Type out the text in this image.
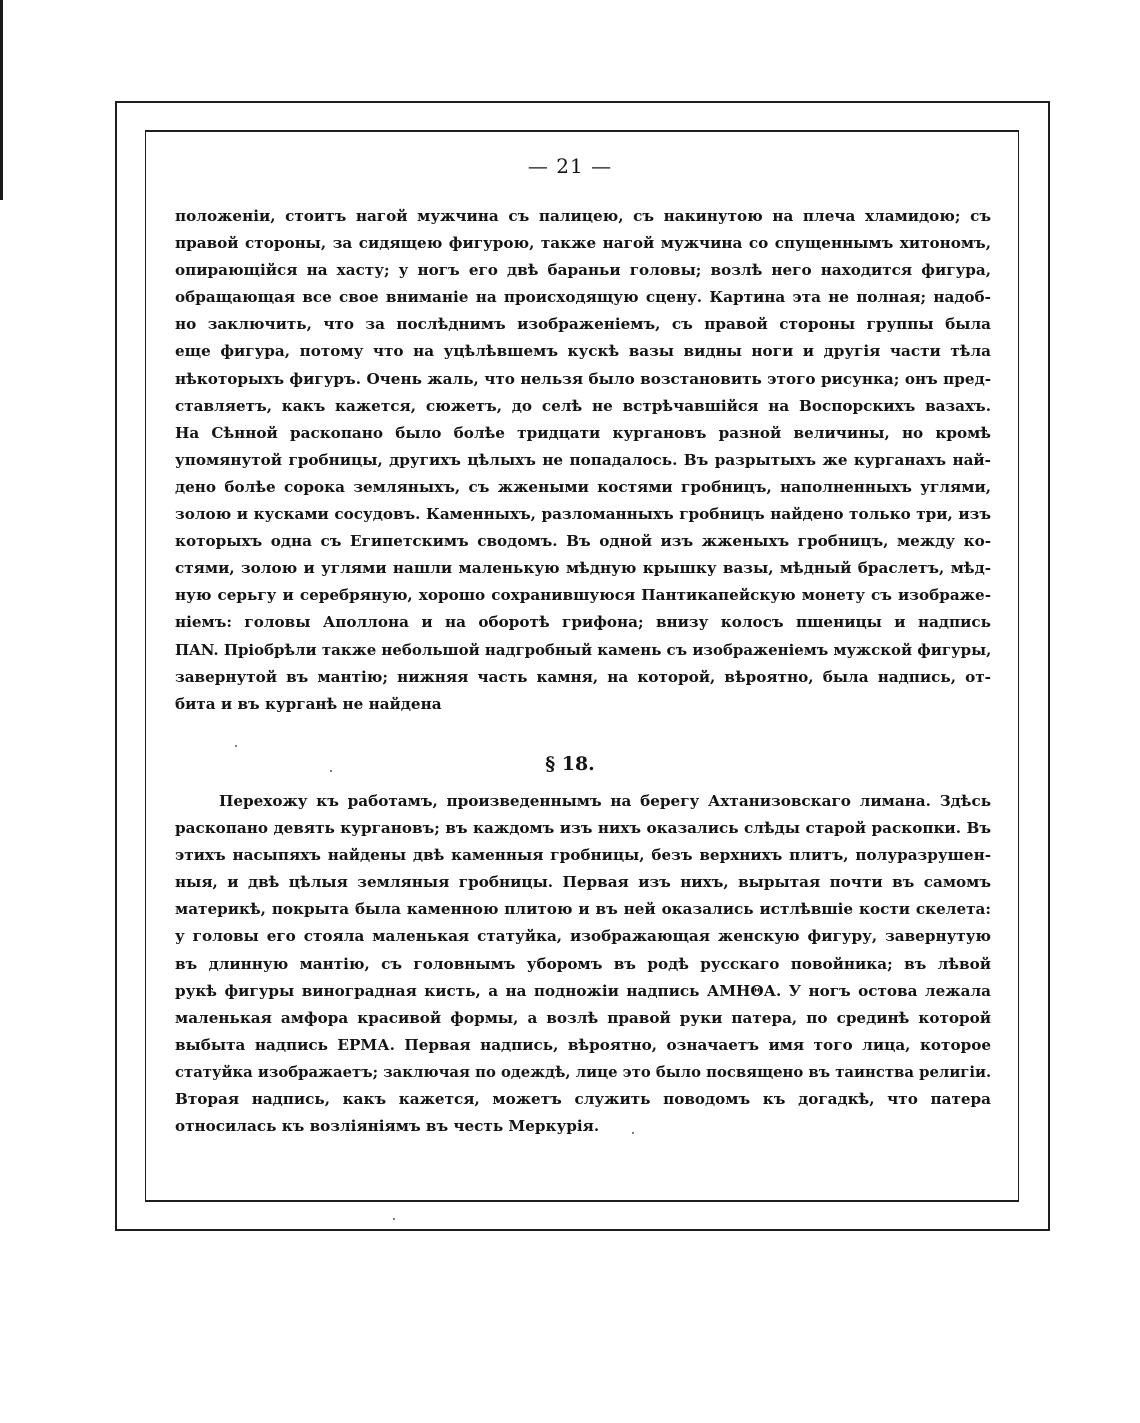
— 21 —
положеніи, стоитъ нагой мужчина съ палицею, съ накинутою на плеча хламидою; съ
правой стороны, за сидящею фигурою, также нагой мужчина со спущеннымъ хитономъ,
опирающійся на хасту; у ногъ его двѣ бараньи головы; возлѣ него находится фигура,
обращающая все свое вниманіе на происходящую сцену. Картина эта не полная; надоб-
но заключить, что за послѣднимъ изображеніемъ, съ правой стороны группы была
еще фигура, потому что на уцѣлѣвшемъ кускѣ вазы видны ноги и другія части тѣла
нѣкоторыхъ фигуръ. Очень жаль, что нельзя было возстановить этого рисунка; онъ пред-
ставляетъ, какъ кажется, сюжетъ, до селѣ не встрѣчавшійся на Воспорскихъ вазахъ.
На Сѣнной раскопано было болѣе тридцати кургановъ разной величины, но кромѣ
упомянутой гробницы, другихъ цѣлыхъ не попадалось. Въ разрытыхъ же курганахъ най-
дено болѣе сорока земляныхъ, съ жжеными костями гробницъ, наполненныхъ углями,
золою и кусками сосудовъ. Каменныхъ, разломанныхъ гробницъ найдено только три, изъ
которыхъ одна съ Египетскимъ сводомъ. Въ одной изъ жженыхъ гробницъ, между ко-
стями, золою и углями нашли маленькую мѣдную крышку вазы, мѣдный браслетъ, мѣд-
ную серьгу и серебряную, хорошо сохранившуюся Пантикапейскую монету съ изображе-
ніемъ: головы Аполлона и на оборотѣ грифона; внизу колосъ пшеницы и надпись
ПAN. Пріобрѣли также небольшой надгробный камень съ изображеніемъ мужской фигуры,
завернутой въ мантію; нижняя часть камня, на которой, вѣроятно, была надпись, от-
бита и въ курганѣ не найдена
§ 18.
Перехожу къ работамъ, произведеннымъ на берегу Ахтанизовскаго лимана. Здѣсь
раскопано девять кургановъ; въ каждомъ изъ нихъ оказались слѣды старой раскопки. Въ
этихъ насыпяхъ найдены двѣ каменныя гробницы, безъ верхнихъ плитъ, полуразрушен-
ныя, и двѣ цѣлыя земляныя гробницы. Первая изъ нихъ, вырытая почти въ самомъ
материкѣ, покрыта была каменною плитою и въ ней оказались истлѣвшіе кости скелета:
у головы его стояла маленькая статуйка, изображающая женскую фигуру, завернутую
въ длинную мантію, съ головнымъ уборомъ въ родѣ русскаго повойника; въ лѣвой
рукѣ фигуры виноградная кисть, а на подножіи надпись АМНΘА. У ногъ остова лежала
маленькая амфора красивой формы, а возлѣ правой руки патера, по срединѣ которой
выбыта надпись ЕРМА. Первая надпись, вѣроятно, означаетъ имя того лица, которое
статуйка изображаетъ; заключая по одеждѣ, лице это было посвящено въ таинства религіи.
Вторая надпись, какъ кажется, можетъ служить поводомъ къ догадкѣ, что патера
относилась къ возліяніямъ въ честь Меркурія.
